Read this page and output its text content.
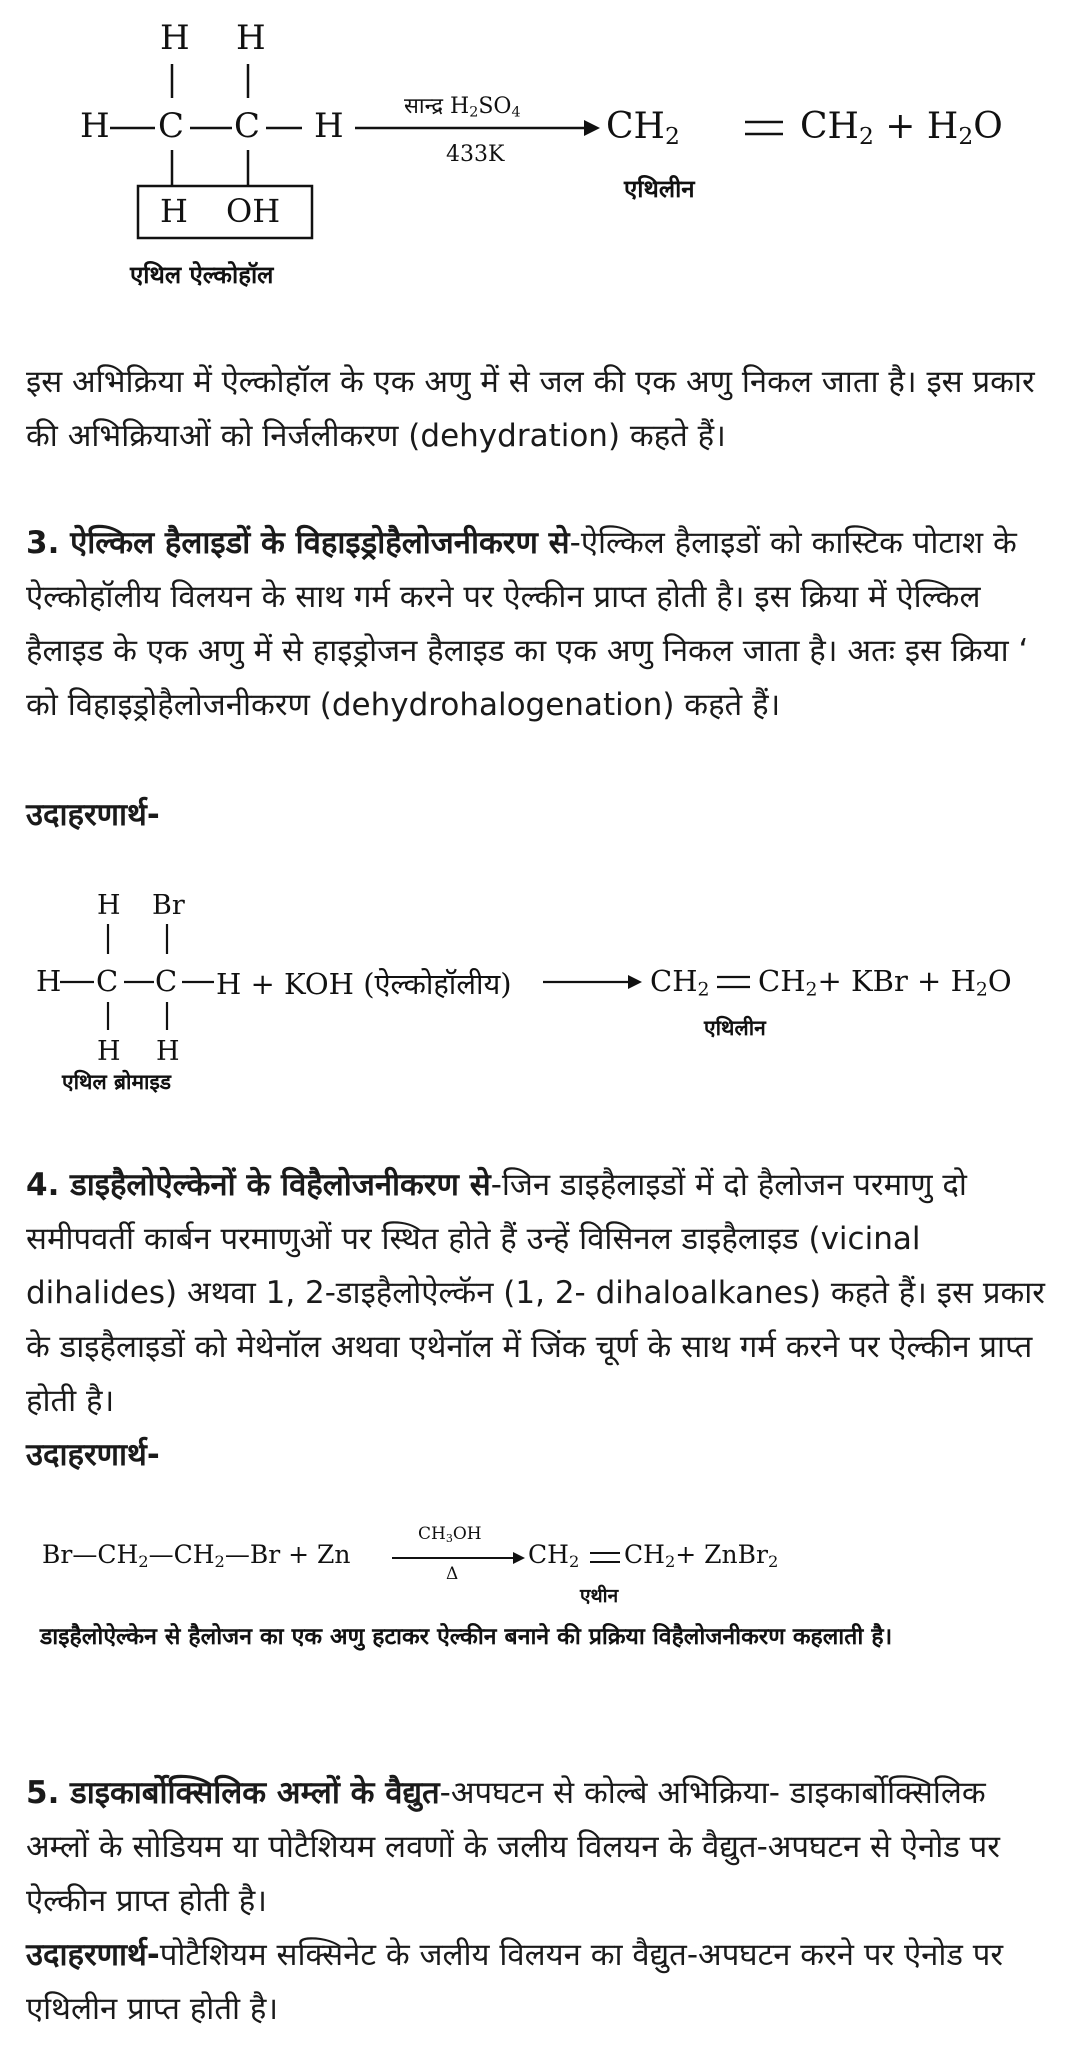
H H
H C C H
H OH
सान्द्र $H_2SO_4$
433K
$CH_2$	$CH_2 + H_2O$
एथिलीन
एथिल ऐल्कोहॉल
इस अभिक्रिया में ऐल्कोहॉल के एक अणु में से जल की एक अणु निकल जाता है। इस प्रकार की अभिक्रियाओं को निर्जलीकरण (dehydration) कहते हैं।
3. ऐल्किल हैलाइडों के विहाइड्रोहैलोजनीकरण से-ऐल्किल हैलाइडों को कास्टिक पोटाश के ऐल्कोहॉलीय विलयन के साथ गर्म करने पर ऐल्कीन प्राप्त होती है। इस क्रिया में ऐल्किल हैलाइड के एक अणु में से हाइड्रोजन हैलाइड का एक अणु निकल जाता है। अतः इस क्रिया ‘ को विहाइड्रोहैलोजनीकरण (dehydrohalogenation) कहते हैं।
उदाहरणार्थ-
H Br
H C C H + KOH (ऐल्कोहॉलीय)	$CH_2$ $CH_2+$ KBr + $H_2O$
H H
एथिलीन
एथिल ब्रोमाइड
4. डाइहैलोऐल्केनों के विहैलोजनीकरण से-जिन डाइहैलाइडों में दो हैलोजन परमाणु दो समीपवर्ती कार्बन परमाणुओं पर स्थित होते हैं उन्हें विसिनल डाइहैलाइड (vicinal dihalides) अथवा 1, 2-डाइहैलोऐल्कॅन (1, 2- dihaloalkanes) कहते हैं। इस प्रकार के डाइहैलाइडों को मेथेनॉल अथवा एथेनॉल में जिंक चूर्ण के साथ गर्म करने पर ऐल्कीन प्राप्त होती है।
उदाहरणार्थ-
$Br—CH_2—CH_2—Br + Zn$
$CH_3OH$
Δ
$CH_2$ $CH_2+$ ZnBr$_2$
एथीन
डाइहैलोऐल्केन से हैलोजन का एक अणु हटाकर ऐल्कीन बनाने की प्रक्रिया विहैलोजनीकरण कहलाती है।
5. डाइकार्बोक्सिलिक अम्लों के वैद्युत-अपघटन से कोल्बे अभिक्रिया- डाइकार्बोक्सिलिक अम्लों के सोडियम या पोटैशियम लवणों के जलीय विलयन के वैद्युत-अपघटन से ऐनोड पर ऐल्कीन प्राप्त होती है।
उदाहरणार्थ-पोटैशियम सक्सिनेट के जलीय विलयन का वैद्युत-अपघटन करने पर ऐनोड पर एथिलीन प्राप्त होती है।
